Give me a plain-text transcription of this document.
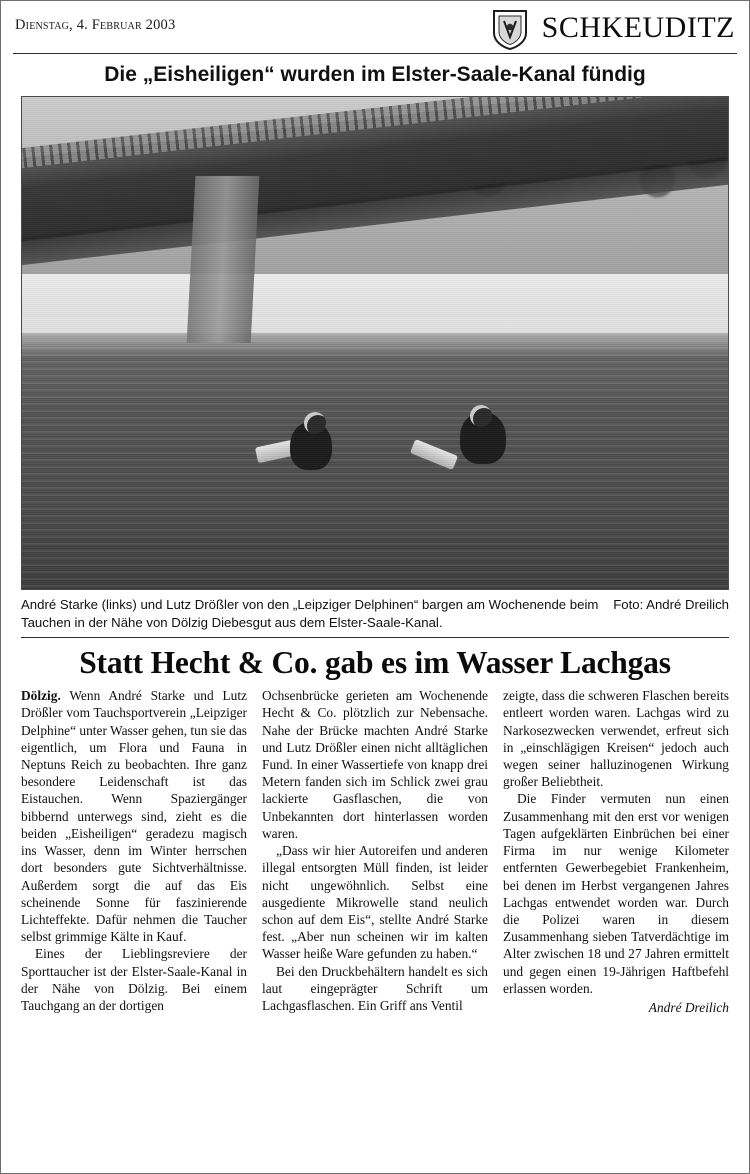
Dienstag, 4. Februar 2003	SCHKEUDITZ
Die „Eisheiligen“ wurden im Elster-Saale-Kanal fündig
Foto: André Dreilich
André Starke (links) und Lutz Drößler von den „Leipziger Delphinen“ bargen am Wochenende beim Tauchen in der Nähe von Dölzig Diebesgut aus dem Elster-Saale-Kanal.
Statt Hecht & Co. gab es im Wasser Lachgas

Dölzig. Wenn André Starke und Lutz Drößler vom Tauchsportverein „Leipziger Delphine“ unter Wasser gehen, tun sie das eigentlich, um Flora und Fauna in Neptuns Reich zu beobachten. Ihre ganz besondere Leidenschaft ist das Eistauchen. Wenn Spaziergänger bibbernd unterwegs sind, zieht es die beiden „Eisheiligen“ geradezu magisch ins Wasser, denn im Winter herrschen dort besonders gute Sichtverhältnisse. Außerdem sorgt die auf das Eis scheinende Sonne für faszinierende Lichteffekte. Dafür nehmen die Taucher selbst grimmige Kälte in Kauf.

Eines der Lieblingsreviere der Sporttaucher ist der Elster-Saale-Kanal in der Nähe von Dölzig. Bei einem Tauchgang an der dortigen

Ochsenbrücke gerieten am Wochenende Hecht & Co. plötzlich zur Nebensache. Nahe der Brücke machten André Starke und Lutz Drößler einen nicht alltäglichen Fund. In einer Wassertiefe von knapp drei Metern fanden sich im Schlick zwei grau lackierte Gasflaschen, die von Unbekannten dort hinterlassen worden waren.

„Dass wir hier Autoreifen und anderen illegal entsorgten Müll finden, ist leider nicht ungewöhnlich. Selbst eine ausgediente Mikrowelle stand neulich schon auf dem Eis“, stellte André Starke fest. „Aber nun scheinen wir im kalten Wasser heiße Ware gefunden zu haben.“

Bei den Druckbehältern handelt es sich laut eingeprägter Schrift um Lachgasflaschen. Ein Griff ans Ventil

zeigte, dass die schweren Flaschen bereits entleert worden waren. Lachgas wird zu Narkosezwecken verwendet, erfreut sich in „einschlägigen Kreisen“ jedoch auch wegen seiner halluzinogenen Wirkung großer Beliebtheit.

Die Finder vermuten nun einen Zusammenhang mit den erst vor wenigen Tagen aufgeklärten Einbrüchen bei einer Firma im nur wenige Kilometer entfernten Gewerbegebiet Frankenheim, bei denen im Herbst vergangenen Jahres Lachgas entwendet worden war. Durch die Polizei waren in diesem Zusammenhang sieben Tatverdächtige im Alter zwischen 18 und 27 Jahren ermittelt und gegen einen 19-Jährigen Haftbefehl erlassen worden.

André Dreilich
